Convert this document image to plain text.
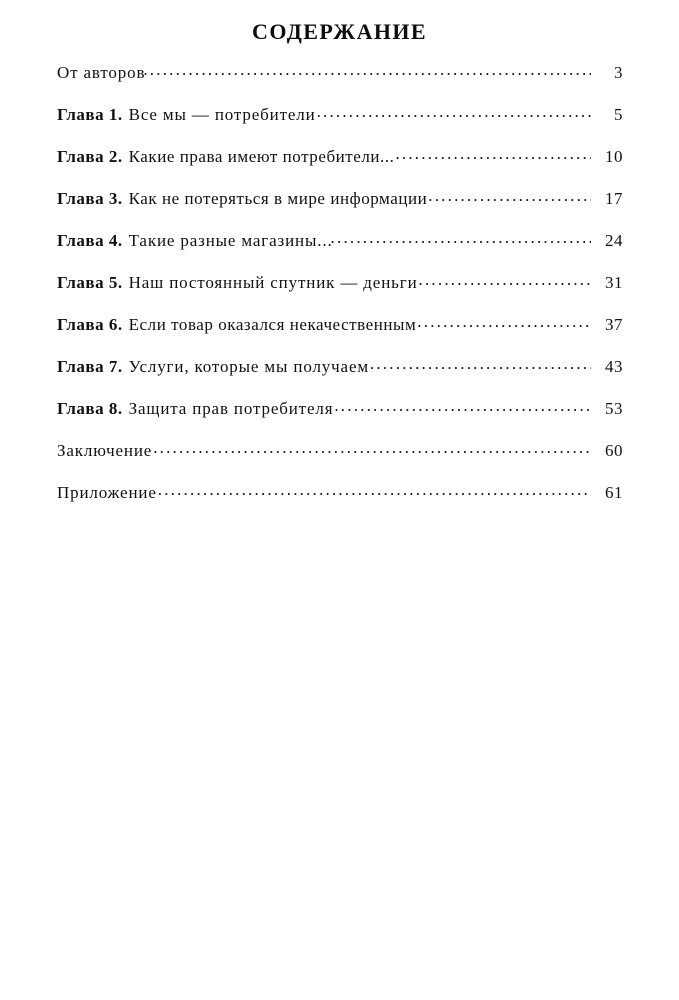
СОДЕРЖАНИЕ
От авторов .....	3
Глава 1. Все мы — потребители .....	5
Глава 2. Какие права имеют потребители... .....	10
Глава 3. Как не потеряться в мире информации .....	17
Глава 4. Такие разные магазины... .....	24
Глава 5. Наш постоянный спутник — деньги .....	31
Глава 6. Если товар оказался некачественным .....	37
Глава 7. Услуги, которые мы получаем .....	43
Глава 8. Защита прав потребителя .....	53
Заключение .....	60
Приложение .....	61
